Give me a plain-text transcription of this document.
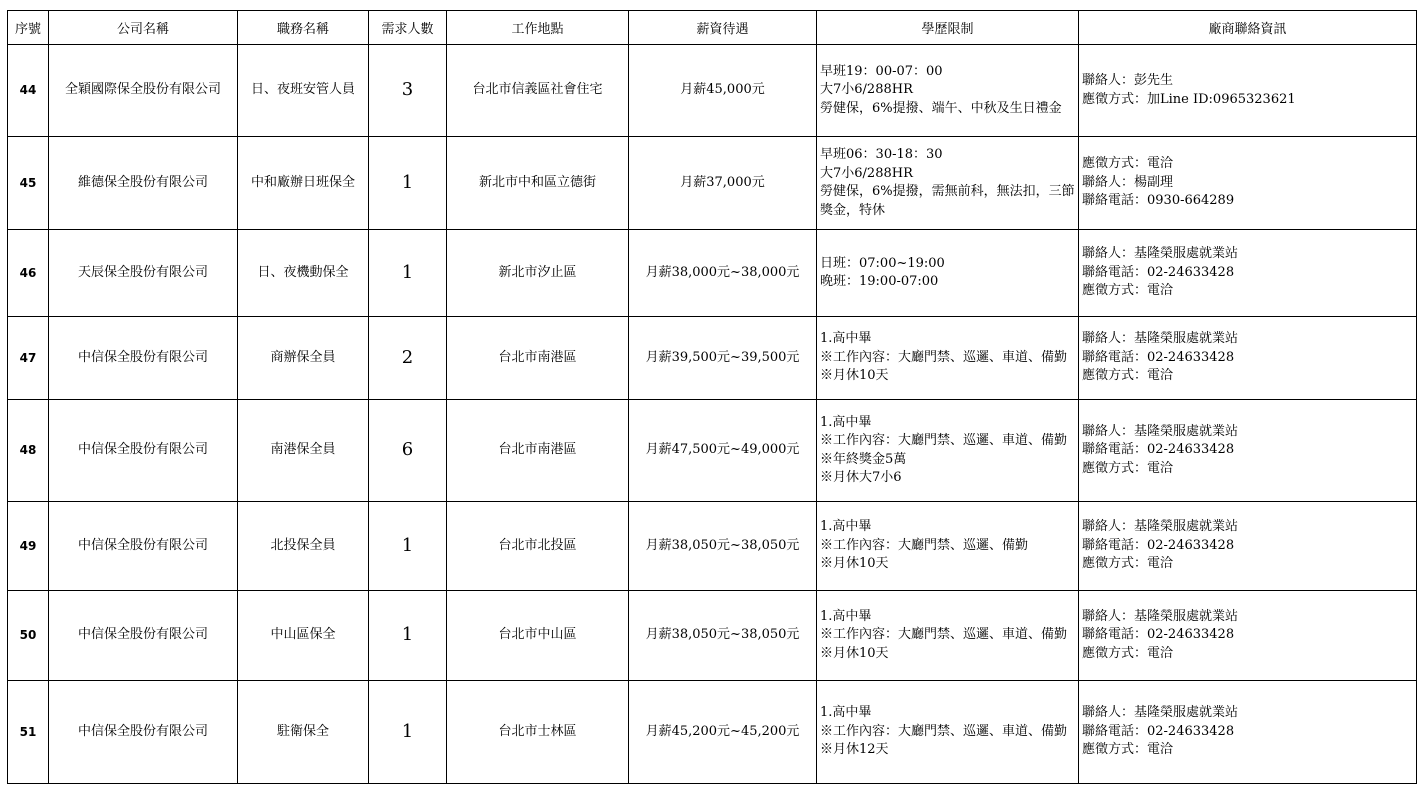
序號	公司名稱	職務名稱	需求人數	工作地點	薪資待遇	學歷限制	廠商聯絡資訊
44	全穎國際保全股份有限公司	日、夜班安管人員	3	台北市信義區社會住宅	月薪45,000元	早班19：00-07：00
大7小6/288HR
勞健保，6%提撥、端午、中秋及生日禮金	聯絡人：彭先生
應徵方式：加Line ID:0965323621

45	維德保全股份有限公司	中和廠辦日班保全	1	新北市中和區立德街	月薪37,000元	早班06：30-18：30
大7小6/288HR
勞健保，6%提撥，需無前科，無法扣，三節獎金，特休	應徵方式：電洽
聯絡人：楊副理
聯絡電話：0930-664289

46	天辰保全股份有限公司	日、夜機動保全	1	新北市汐止區	月薪38,000元~38,000元	日班：07:00~19:00
晚班：19:00-07:00	聯絡人：基隆榮服處就業站
聯絡電話：02-24633428
應徵方式：電洽

47	中信保全股份有限公司	商辦保全員	2	台北市南港區	月薪39,500元~39,500元	1.高中畢
※工作內容：大廳門禁、巡邏、車道、備勤
※月休10天	聯絡人：基隆榮服處就業站
聯絡電話：02-24633428
應徵方式：電洽

48	中信保全股份有限公司	南港保全員	6	台北市南港區	月薪47,500元~49,000元	1.高中畢
※工作內容：大廳門禁、巡邏、車道、備勤
※年終獎金5萬
※月休大7小6	聯絡人：基隆榮服處就業站
聯絡電話：02-24633428
應徵方式：電洽

49	中信保全股份有限公司	北投保全員	1	台北市北投區	月薪38,050元~38,050元	1.高中畢
※工作內容：大廳門禁、巡邏、備勤
※月休10天	聯絡人：基隆榮服處就業站
聯絡電話：02-24633428
應徵方式：電洽

50	中信保全股份有限公司	中山區保全	1	台北市中山區	月薪38,050元~38,050元	1.高中畢
※工作內容：大廳門禁、巡邏、車道、備勤
※月休10天	聯絡人：基隆榮服處就業站
聯絡電話：02-24633428
應徵方式：電洽

51	中信保全股份有限公司	駐衛保全	1	台北市士林區	月薪45,200元~45,200元	1.高中畢
※工作內容：大廳門禁、巡邏、車道、備勤
※月休12天	聯絡人：基隆榮服處就業站
聯絡電話：02-24633428
應徵方式：電洽
